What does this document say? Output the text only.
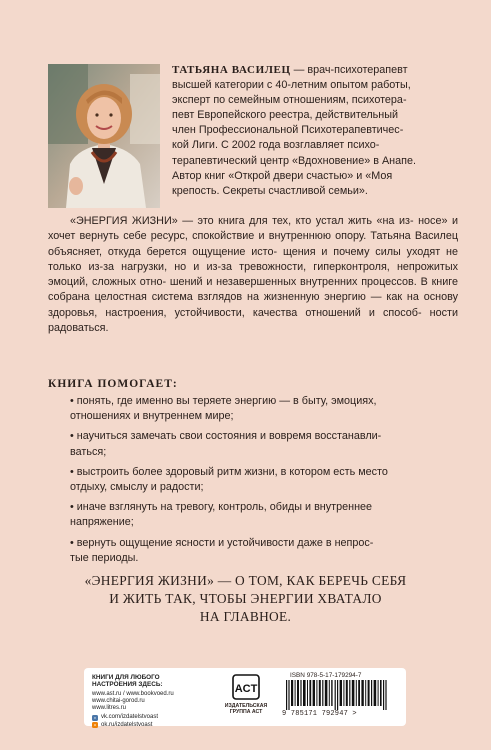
ТАТЬЯНА ВАСИЛЕЦ — врач-психотерапевт
высшей категории с 40-летним опытом работы,
эксперт по семейным отношениям, психотера-
певт Европейского реестра, действительный
член Профессиональной Психотерапевтичес-
кой Лиги. С 2002 года возглавляет психо-
терапевтический центр «Вдохновение» в Анапе.
Автор книг «Открой двери счастью» и «Моя
крепость. Секреты счастливой семьи».
«ЭНЕРГИЯ ЖИЗНИ» — это книга для тех, кто устал жить «на из- носе» и хочет вернуть себе ресурс, спокойствие и внутреннюю опору. Татьяна Василец объясняет, откуда берется ощущение исто- щения и почему силы уходят не только из-за нагрузки, но и из-за тревожности, гиперконтроля, непрожитых эмоций, сложных отно- шений и незавершенных внутренних процессов. В книге собрана целостная система взглядов на жизненную энергию — как на основу здоровья, настроения, устойчивости, качества отношений и способ- ности радоваться.
КНИГА ПОМОГАЕТ:
• понять, где именно вы теряете энергию — в быту, эмоциях,
отношениях и внутреннем мире;
• научиться замечать свои состояния и вовремя восстанавли-
ваться;
• выстроить более здоровый ритм жизни, в котором есть место
отдыху, смыслу и радости;
• иначе взглянуть на тревогу, контроль, обиды и внутреннее
напряжение;
• вернуть ощущение ясности и устойчивости даже в непрос-
тые периоды.
«ЭНЕРГИЯ ЖИЗНИ» — О ТОМ, КАК БЕРЕЧЬ СЕБЯ
И ЖИТЬ ТАК, ЧТОБЫ ЭНЕРГИИ ХВАТАЛО
НА ГЛАВНОЕ.
КНИГИ ДЛЯ ЛЮБОГО
НАСТРОЕНИЯ ЗДЕСЬ:
www.ast.ru / www.bookvoed.ru
www.chitai-gorod.ru
www.litres.ru
v vk.com/izdatelstvoast
o ok.ru/izdatelstvoast
ACT
ИЗДАТЕЛЬСКАЯ
ГРУППА АСТ
ISBN 978-5-17-179294-7
9 785171 792947 >
